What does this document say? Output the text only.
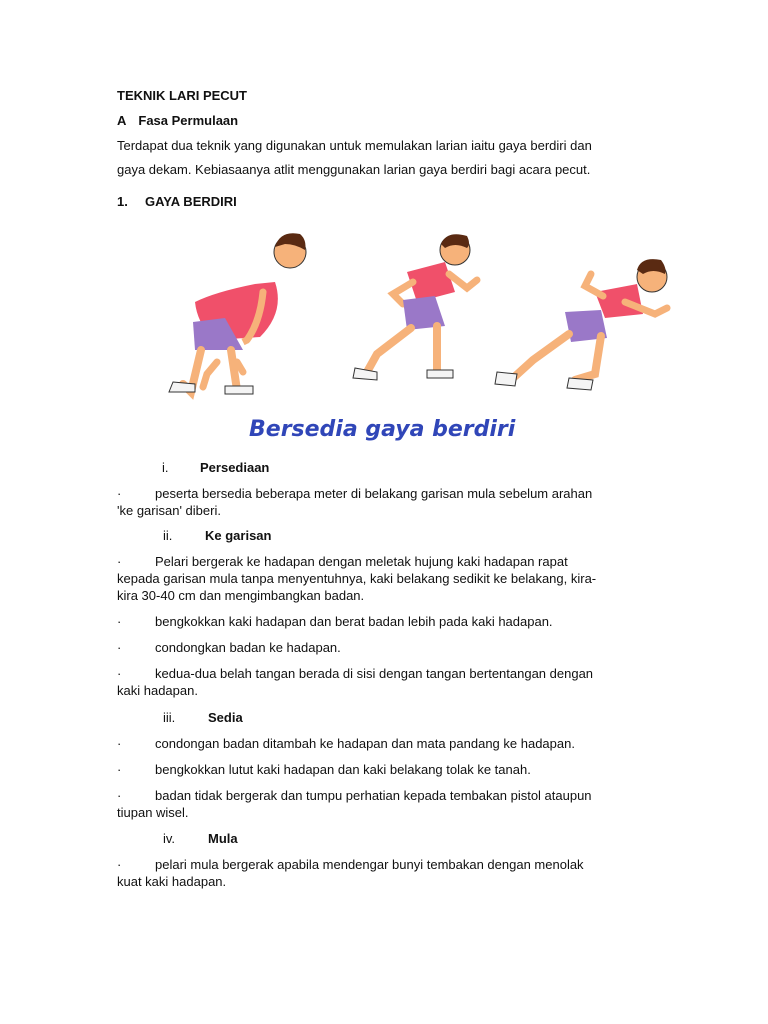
TEKNIK LARI PECUT
A Fasa Permulaan
Terdapat dua teknik yang digunakan untuk memulakan larian iaitu gaya berdiri dan
gaya dekam. Kebiasaanya atlit menggunakan larian gaya berdiri bagi acara pecut.
1. GAYA BERDIRI
Bersedia gaya berdiri
i. Persediaan
·	peserta bersedia beberapa meter di belakang garisan mula sebelum arahan
'ke garisan' diberi.
ii.	Ke garisan
·	Pelari bergerak ke hadapan dengan meletak hujung kaki hadapan rapat
kepada garisan mula tanpa menyentuhnya, kaki belakang sedikit ke belakang, kira-
kira 30-40 cm dan mengimbangkan badan.
·	bengkokkan kaki hadapan dan berat badan lebih pada kaki hadapan.
·	condongkan badan ke hadapan.
·	kedua-dua belah tangan berada di sisi dengan tangan bertentangan dengan
kaki hadapan.
iii.	Sedia
·	condongan badan ditambah ke hadapan dan mata pandang ke hadapan.
·	bengkokkan lutut kaki hadapan dan kaki belakang tolak ke tanah.
·	badan tidak bergerak dan tumpu perhatian kepada tembakan pistol ataupun
tiupan wisel.
iv.	Mula
·	pelari mula bergerak apabila mendengar bunyi tembakan dengan menolak
kuat kaki hadapan.
